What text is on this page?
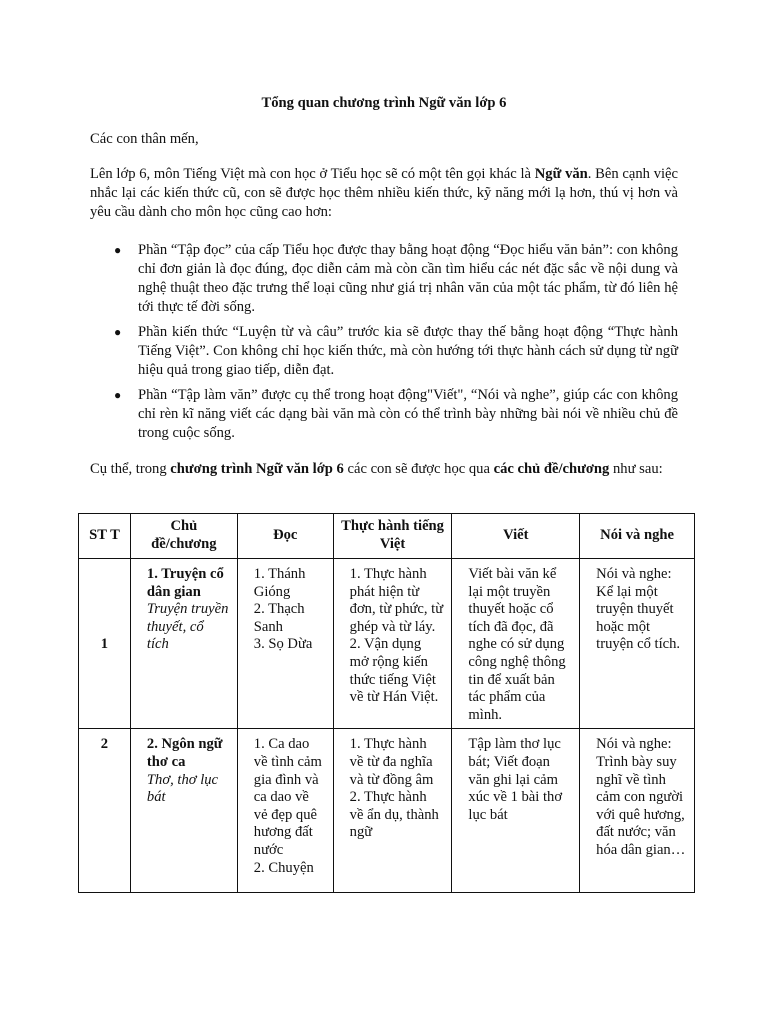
Tổng quan chương trình Ngữ văn lớp 6
Các con thân mến,
Lên lớp 6, môn Tiếng Việt mà con học ở Tiểu học sẽ có một tên gọi khác là Ngữ văn. Bên cạnh việc nhắc lại các kiến thức cũ, con sẽ được học thêm nhiều kiến thức, kỹ năng mới lạ hơn, thú vị hơn và yêu cầu dành cho môn học cũng cao hơn:
● Phần “Tập đọc” của cấp Tiểu học được thay bằng hoạt động “Đọc hiểu văn bản”: con không chỉ đơn giản là đọc đúng, đọc diễn cảm mà còn cần tìm hiểu các nét đặc sắc về nội dung và nghệ thuật theo đặc trưng thể loại cũng như giá trị nhân văn của một tác phẩm, từ đó liên hệ tới thực tế đời sống.
● Phần kiến thức “Luyện từ và câu” trước kia sẽ được thay thế bằng hoạt động “Thực hành Tiếng Việt”. Con không chỉ học kiến thức, mà còn hướng tới thực hành cách sử dụng từ ngữ hiệu quả trong giao tiếp, diễn đạt.
● Phần “Tập làm văn” được cụ thể trong hoạt động"Viết", “Nói và nghe”, giúp các con không chỉ rèn kĩ năng viết các dạng bài văn mà còn có thể trình bày những bài nói về nhiều chủ đề trong cuộc sống.
Cụ thể, trong chương trình Ngữ văn lớp 6 các con sẽ được học qua các chủ đề/chương như sau:
ST T	Chủ đề/chương	Đọc	Thực hành tiếng Việt	Viết	Nói và nghe
1	1. Truyện cổ dân gian
Truyện truyền thuyết, cổ tích	1. Thánh Gióng
2. Thạch Sanh
3. Sọ Dừa	1. Thực hành phát hiện từ đơn, từ phức, từ ghép và từ láy.
2. Vận dụng mở rộng kiến thức tiếng Việt về từ Hán Việt.	Viết bài văn kể lại một truyền thuyết hoặc cổ tích đã đọc, đã nghe có sử dụng công nghệ thông tin để xuất bản tác phẩm của mình.	Nói và nghe: Kể lại một truyện thuyết hoặc một truyện cổ tích.
2	2. Ngôn ngữ thơ ca
Thơ, thơ lục bát	1. Ca dao về tình cảm gia đình và ca dao về vẻ đẹp quê hương đất nước
2. Chuyện	1. Thực hành về từ đa nghĩa và từ đồng âm
2. Thực hành về ẩn dụ, thành ngữ	Tập làm thơ lục bát; Viết đoạn văn ghi lại cảm xúc về 1 bài thơ lục bát	Nói và nghe: Trình bày suy nghĩ về tình cảm con người với quê hương, đất nước; văn hóa dân gian…
